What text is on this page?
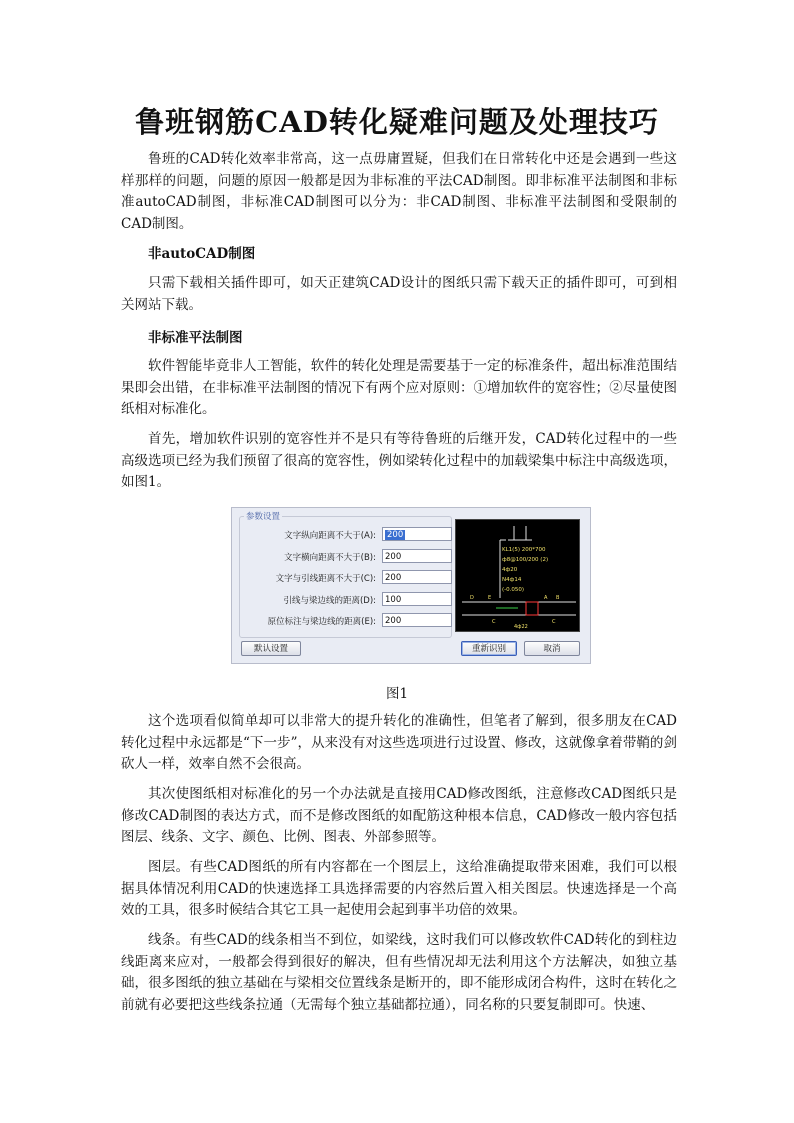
鲁班钢筋CAD转化疑难问题及处理技巧

鲁班的CAD转化效率非常高，这一点毋庸置疑，但我们在日常转化中还是会遇到一些这样那样的问题，问题的原因一般都是因为非标准的平法CAD制图。即非标准平法制图和非标准autoCAD制图，非标准CAD制图可以分为：非CAD制图、非标准平法制图和受限制的CAD制图。

非autoCAD制图

只需下载相关插件即可，如天正建筑CAD设计的图纸只需下载天正的插件即可，可到相关网站下载。

非标准平法制图

软件智能毕竟非人工智能，软件的转化处理是需要基于一定的标准条件，超出标准范围结果即会出错，在非标准平法制图的情况下有两个应对原则：①增加软件的宽容性；②尽量使图纸相对标准化。

首先，增加软件识别的宽容性并不是只有等待鲁班的后继开发，CAD转化过程中的一些高级选项已经为我们预留了很高的宽容性，例如梁转化过程中的加载梁集中标注中高级选项，如图1。

参数设置
文字纵向距离不大于(A):	200
文字横向距离不大于(B):	200
文字与引线距离不大于(C):	200
引线与梁边线的距离(D):	100
原位标注与梁边线的距离(E):	200
KL1(5) 200*700
ф8@100/200 (2)
4ф20
N4ф14
(-0.050)
D	E	A B
C	C
4ф22
默认设置	重新识别	取消

图1

这个选项看似简单却可以非常大的提升转化的准确性，但笔者了解到，很多朋友在CAD转化过程中永远都是“下一步”，从来没有对这些选项进行过设置、修改，这就像拿着带鞘的剑砍人一样，效率自然不会很高。

其次使图纸相对标准化的另一个办法就是直接用CAD修改图纸，注意修改CAD图纸只是修改CAD制图的表达方式，而不是修改图纸的如配筋这种根本信息，CAD修改一般内容包括图层、线条、文字、颜色、比例、图表、外部参照等。

图层。有些CAD图纸的所有内容都在一个图层上，这给准确提取带来困难，我们可以根据具体情况利用CAD的快速选择工具选择需要的内容然后置入相关图层。快速选择是一个高效的工具，很多时候结合其它工具一起使用会起到事半功倍的效果。

线条。有些CAD的线条相当不到位，如梁线，这时我们可以修改软件CAD转化的到柱边线距离来应对，一般都会得到很好的解决，但有些情况却无法利用这个方法解决，如独立基础，很多图纸的独立基础在与梁相交位置线条是断开的，即不能形成闭合构件，这时在转化之前就有必要把这些线条拉通（无需每个独立基础都拉通），同名称的只要复制即可。快速、
